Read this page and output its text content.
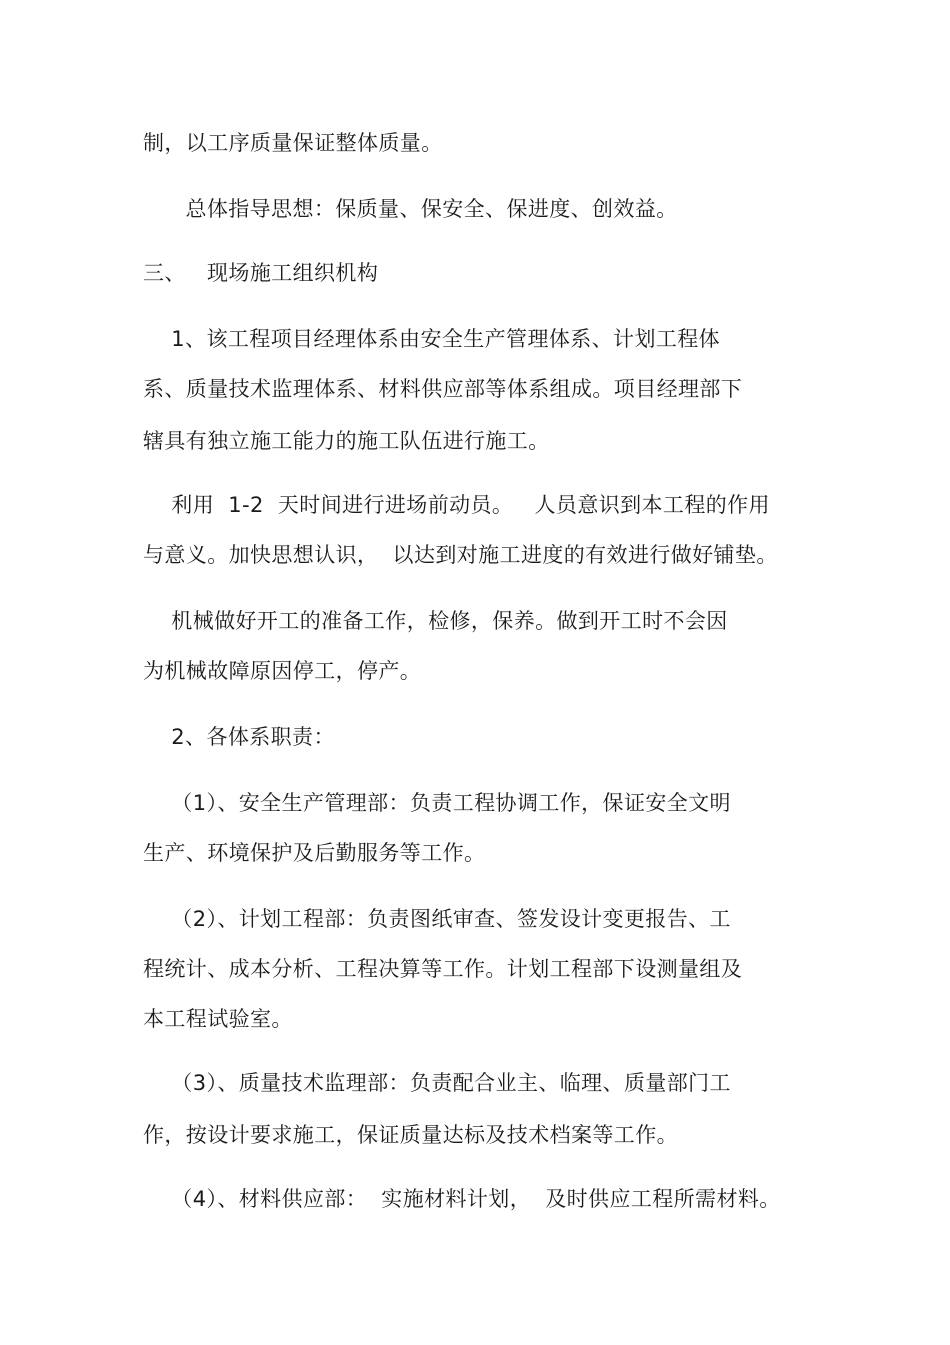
制，以工序质量保证整体质量。
总体指导思想：保质量、保安全、保进度、创效益。
三、   现场施工组织机构
1、该工程项目经理体系由安全生产管理体系、计划工程体
系、质量技术监理体系、材料供应部等体系组成。项目经理部下
辖具有独立施工能力的施工队伍进行施工。
利用  1-2  天时间进行进场前动员。   人员意识到本工程的作用
与意义。加快思想认识，  以达到对施工进度的有效进行做好铺垫。
机械做好开工的准备工作，检修，保养。做到开工时不会因
为机械故障原因停工，停产。
2、各体系职责：
（1）、安全生产管理部：负责工程协调工作，保证安全文明
生产、环境保护及后勤服务等工作。
（2）、计划工程部：负责图纸审查、签发设计变更报告、工
程统计、成本分析、工程决算等工作。计划工程部下设测量组及
本工程试验室。
（3）、质量技术监理部：负责配合业主、临理、质量部门工
作，按设计要求施工，保证质量达标及技术档案等工作。
（4）、材料供应部：  实施材料计划，  及时供应工程所需材料。
